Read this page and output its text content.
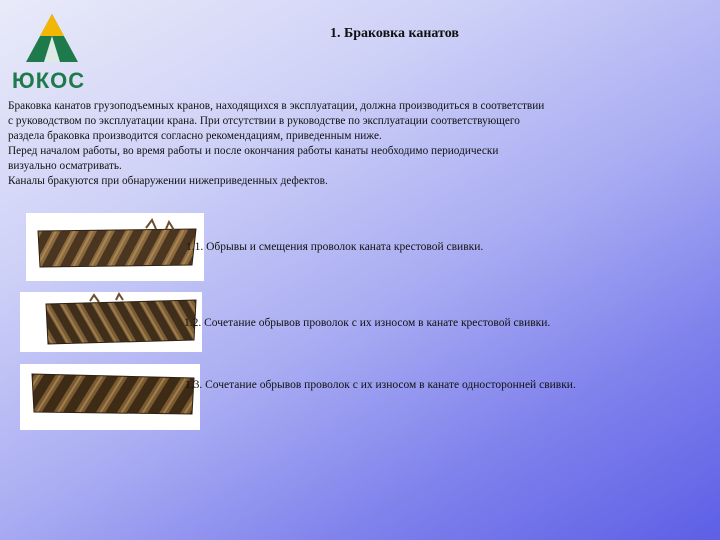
ЮКОС
1. Браковка канатов

Браковка канатов грузоподъемных кранов, находящихся в эксплуатации, должна производиться в соответствии

с руководством по эксплуатации крана. При отсутствии в руководстве по эксплуатации соответствующего

раздела браковка производится согласно рекомендациям, приведенным ниже.

Перед началом работы, во время работы и после окончания работы канаты необходимо периодически

визуально осматривать.

Каналы бракуются при обнаружении нижеприведенных дефектов.

1.1. Обрывы и смещения проволок каната крестовой свивки.
1.2. Сочетание обрывов проволок с их износом в канате крестовой свивки.
1.3. Сочетание обрывов проволок с их износом в канате односторонней свивки.
